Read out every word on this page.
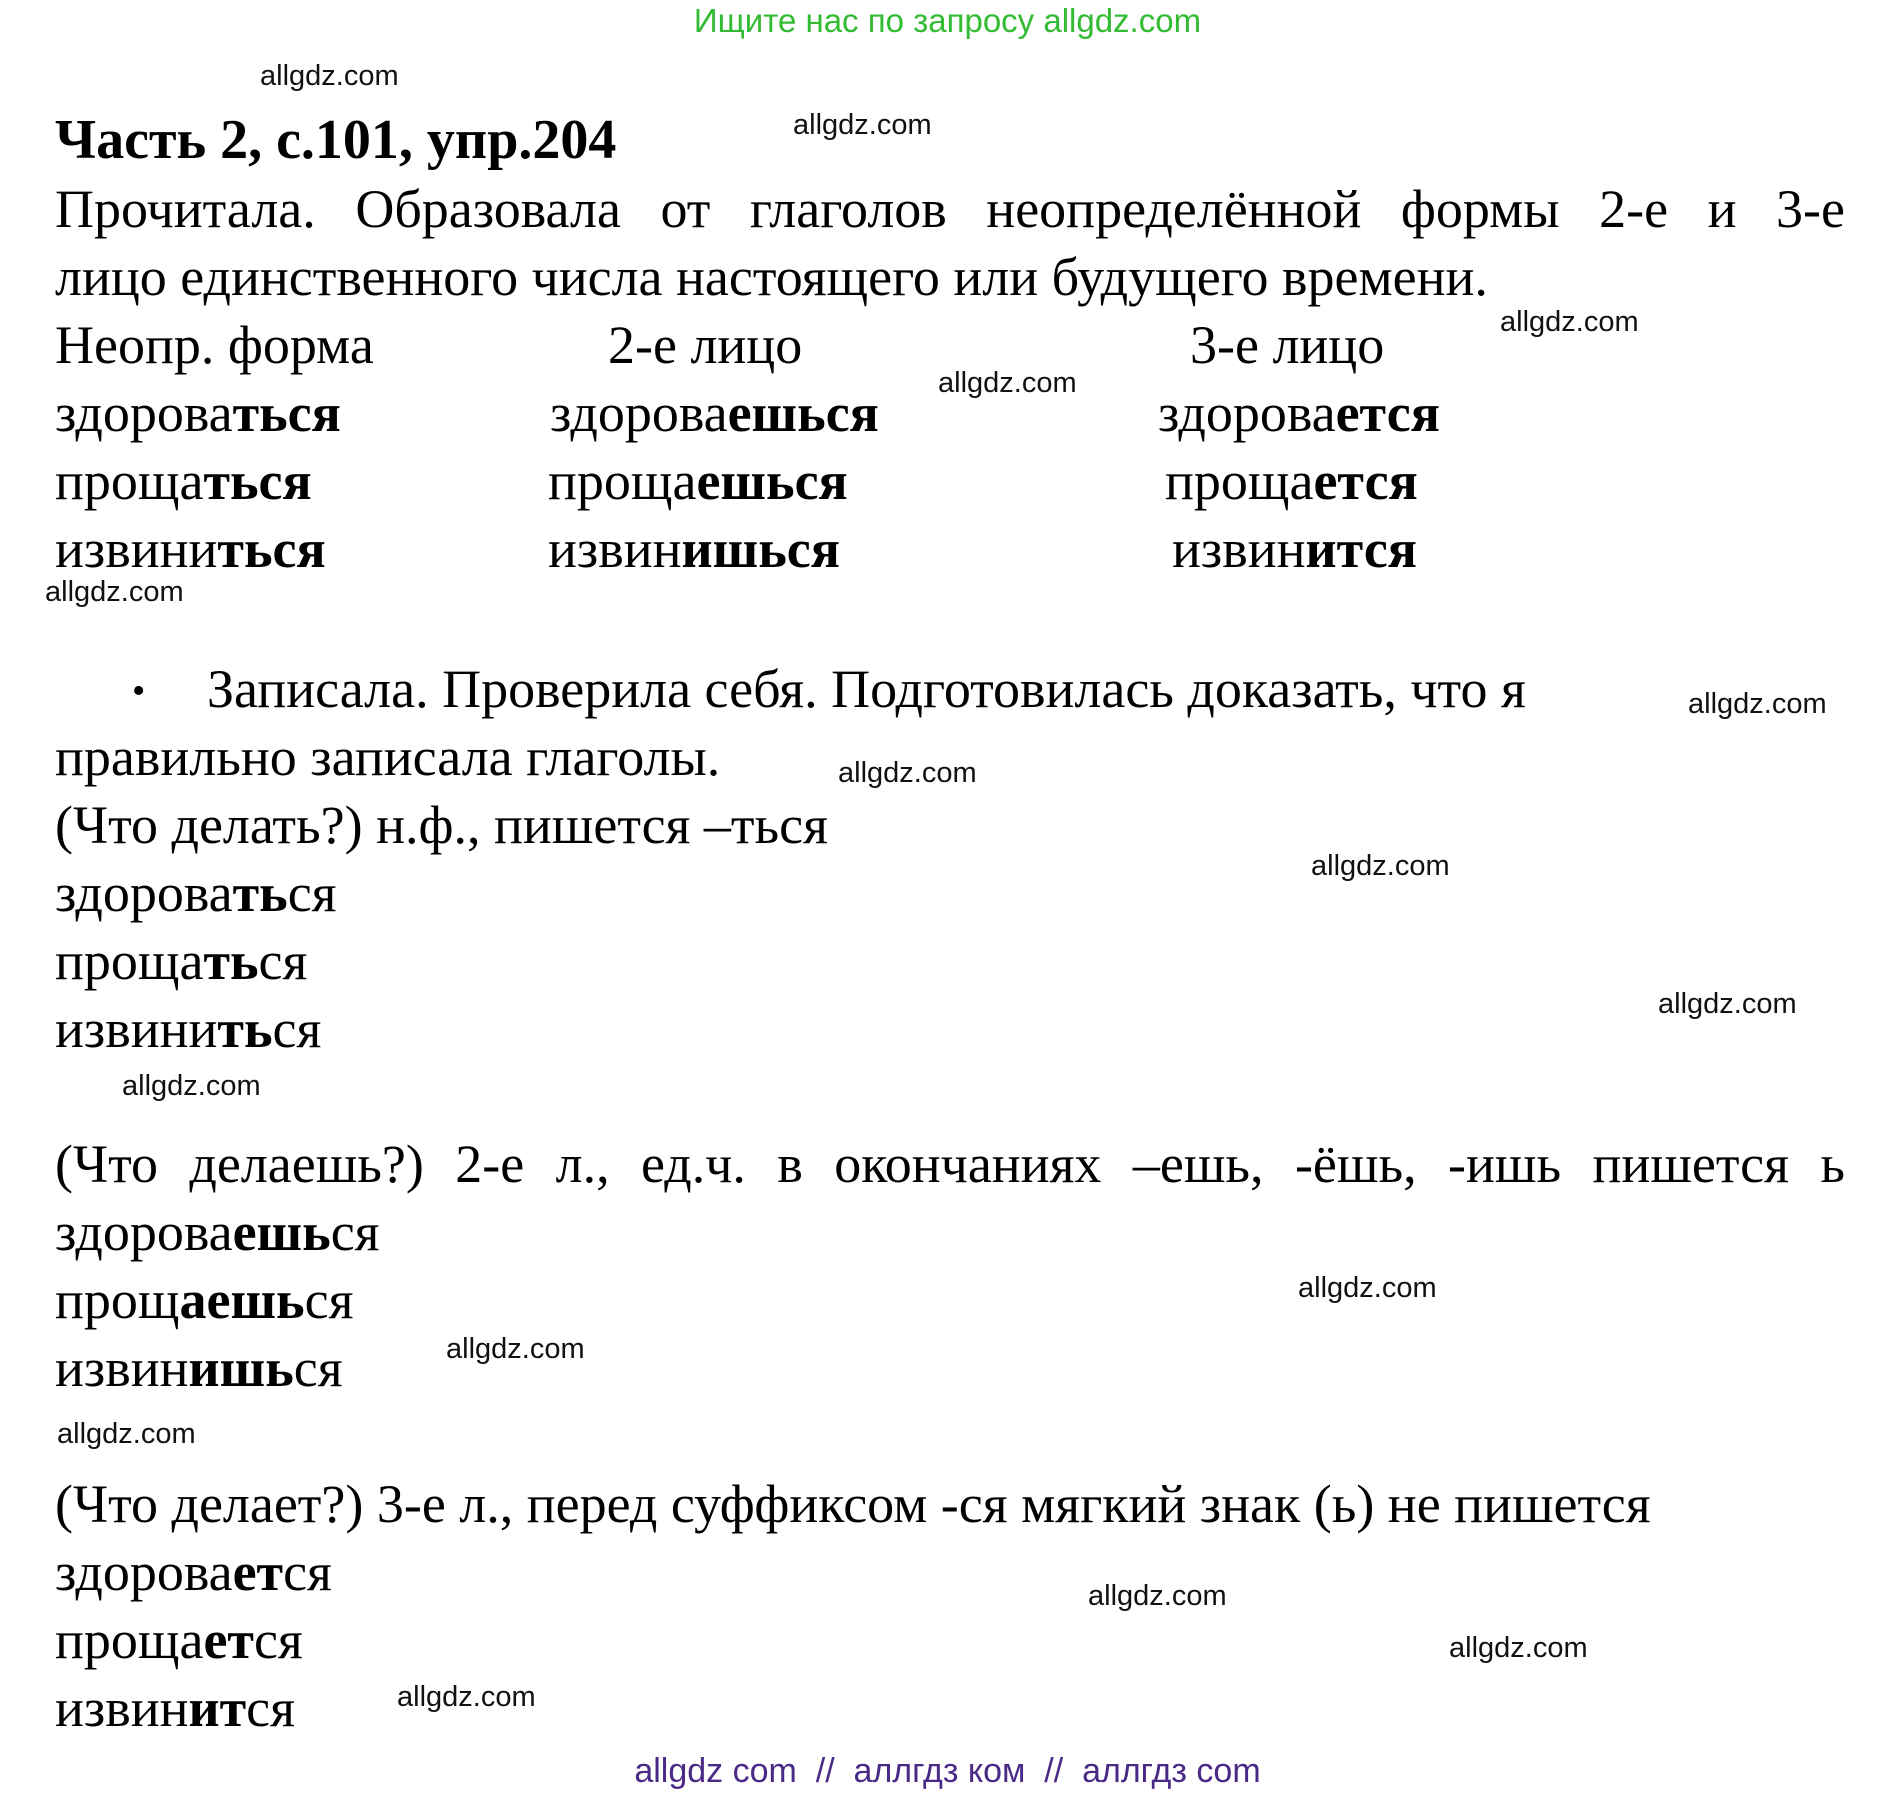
Ищите нас по запросу allgdz.com
allgdz.com
allgdz.com
allgdz.com
allgdz.com
allgdz.com
allgdz.com
allgdz.com
allgdz.com
allgdz.com
allgdz.com
allgdz.com
allgdz.com
allgdz.com
allgdz.com
allgdz.com
allgdz.com
Часть 2, с.101, упр.204
Прочитала. Образовала от глаголов неопределённой формы 2-е и 3-е
лицо единственного числа настоящего или будущего времени.
Неопр. форма	2-е лицо	3-е лицо
здороваться	здороваешься	здоровается
прощаться	прощаешься	прощается
извиниться	извинишься	извинится
• Записала. Проверила себя. Подготовилась доказать, что я
правильно записала глаголы.
(Что делать?) н.ф., пишется –ться
здороваться
прощаться
извиниться
(Что делаешь?) 2-е л., ед.ч. в окончаниях –ешь, -ёшь, -ишь пишется ь
здороваешься
прощаешься
извинишься
(Что делает?) 3-е л., перед суффиксом -ся мягкий знак (ь) не пишется
здоровается
прощается
извинится
allgdz com  //  аллгдз ком  //  аллгдз com
